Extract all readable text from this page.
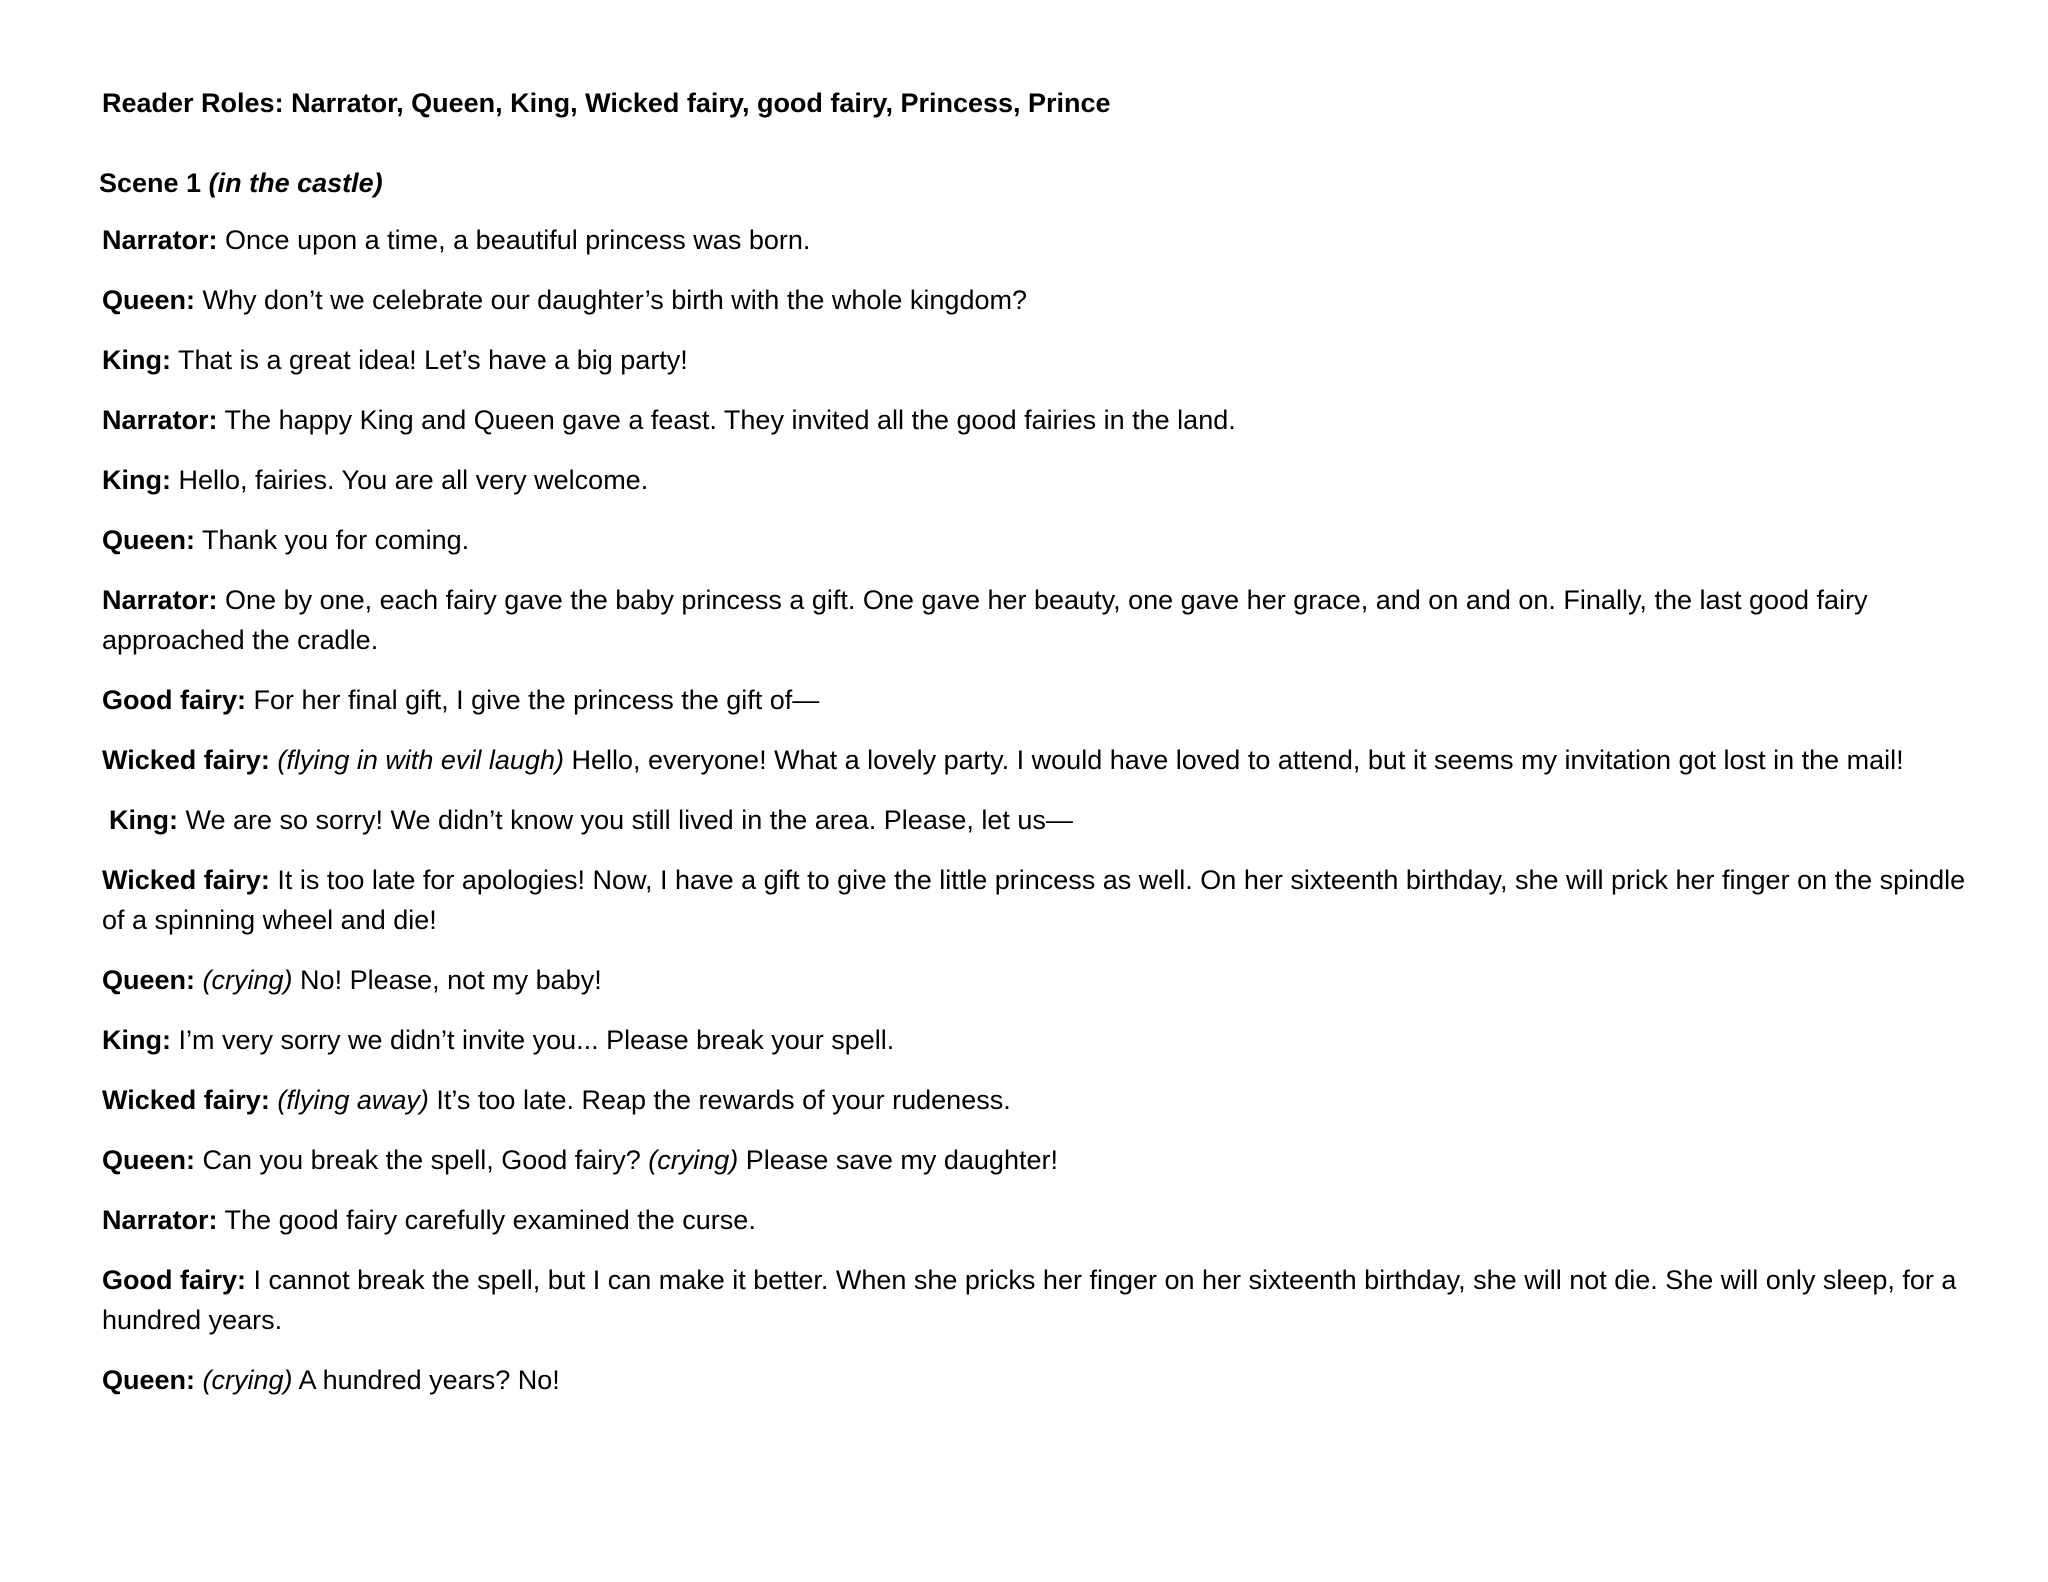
Reader Roles: Narrator, Queen, King, Wicked fairy, good fairy, Princess, Prince
Scene 1 (in the castle)
Narrator: Once upon a time, a beautiful princess was born.
Queen: Why don’t we celebrate our daughter’s birth with the whole kingdom?
King: That is a great idea! Let’s have a big party!
Narrator: The happy King and Queen gave a feast. They invited all the good fairies in the land.
King: Hello, fairies. You are all very welcome.
Queen: Thank you for coming.
Narrator: One by one, each fairy gave the baby princess a gift. One gave her beauty, one gave her grace, and on and on. Finally, the last good fairy approached the cradle.
Good fairy: For her final gift, I give the princess the gift of—
Wicked fairy: (flying in with evil laugh) Hello, everyone! What a lovely party. I would have loved to attend, but it seems my invitation got lost in the mail!
King: We are so sorry! We didn’t know you still lived in the area. Please, let us—
Wicked fairy: It is too late for apologies! Now, I have a gift to give the little princess as well. On her sixteenth birthday, she will prick her finger on the spindle of a spinning wheel and die!
Queen: (crying) No! Please, not my baby!
King: I’m very sorry we didn’t invite you... Please break your spell.
Wicked fairy: (flying away) It’s too late. Reap the rewards of your rudeness.
Queen: Can you break the spell, Good fairy? (crying) Please save my daughter!
Narrator: The good fairy carefully examined the curse.
Good fairy: I cannot break the spell, but I can make it better. When she pricks her finger on her sixteenth birthday, she will not die. She will only sleep, for a hundred years.
Queen: (crying) A hundred years? No!
